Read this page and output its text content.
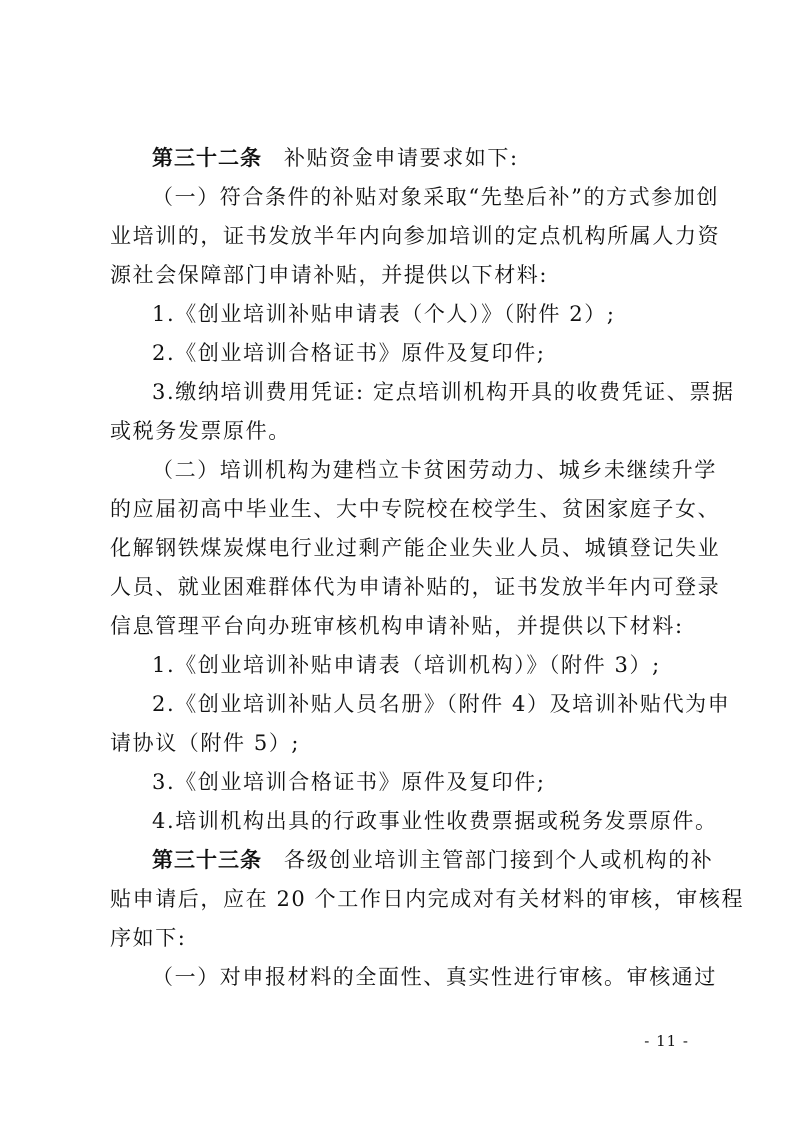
第三十二条 补贴资金申请要求如下:
（一）符合条件的补贴对象采取“先垫后补”的方式参加创
业培训的，证书发放半年内向参加培训的定点机构所属人力资
源社会保障部门申请补贴，并提供以下材料:
1.《创业培训补贴申请表（个人）》（附件 2）;
2.《创业培训合格证书》原件及复印件;
3.缴纳培训费用凭证: 定点培训机构开具的收费凭证、票据
或税务发票原件。
（二）培训机构为建档立卡贫困劳动力、城乡未继续升学
的应届初高中毕业生、大中专院校在校学生、贫困家庭子女、
化解钢铁煤炭煤电行业过剩产能企业失业人员、城镇登记失业
人员、就业困难群体代为申请补贴的，证书发放半年内可登录
信息管理平台向办班审核机构申请补贴，并提供以下材料:
1.《创业培训补贴申请表（培训机构）》（附件 3）;
2.《创业培训补贴人员名册》（附件 4）及培训补贴代为申
请协议（附件 5）;
3.《创业培训合格证书》原件及复印件;
4.培训机构出具的行政事业性收费票据或税务发票原件。
第三十三条 各级创业培训主管部门接到个人或机构的补
贴申请后，应在 20 个工作日内完成对有关材料的审核，审核程
序如下:
（一）对申报材料的全面性、真实性进行审核。审核通过
- 11 -
